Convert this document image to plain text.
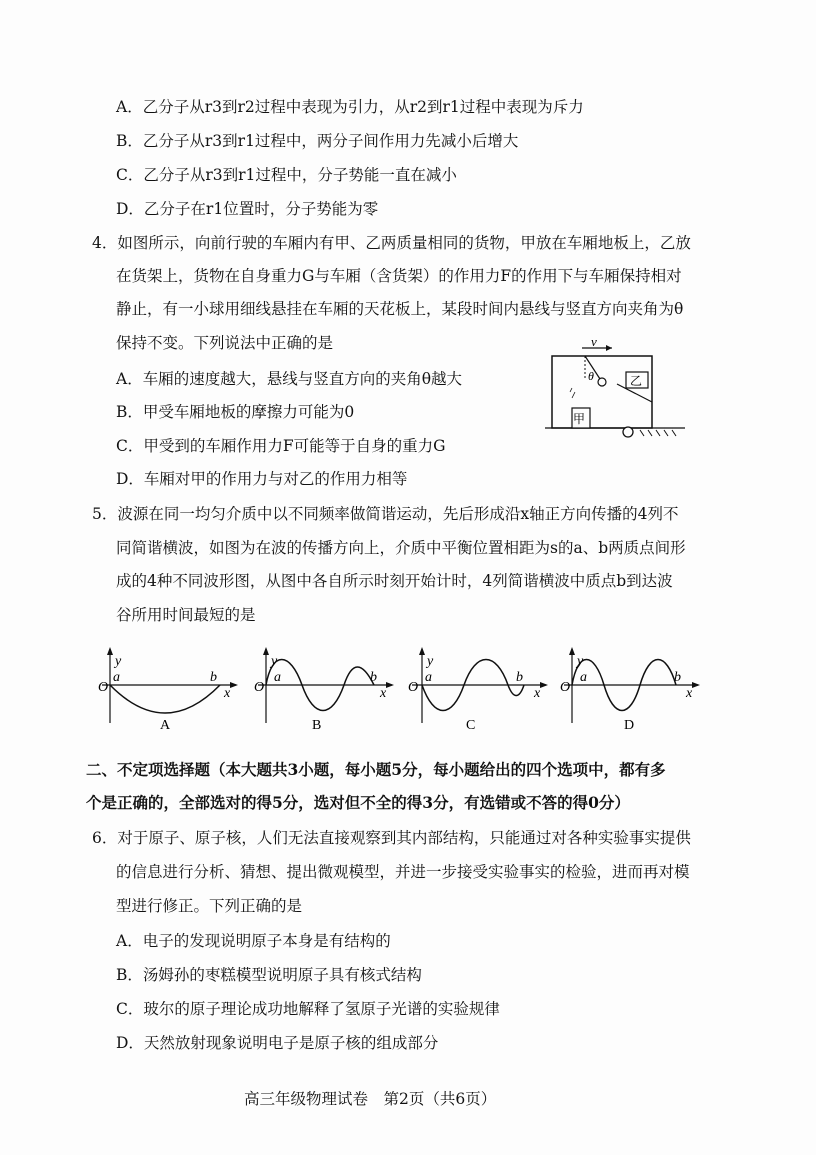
A．乙分子从r3到r2过程中表现为引力，从r2到r1过程中表现为斥力
B．乙分子从r3到r1过程中，两分子间作用力先减小后增大
C．乙分子从r3到r1过程中，分子势能一直在减小
D．乙分子在r1位置时，分子势能为零
4．如图所示，向前行驶的车厢内有甲、乙两质量相同的货物，甲放在车厢地板上，乙放
在货架上，货物在自身重力G与车厢（含货架）的作用力F的作用下与车厢保持相对
静止，有一小球用细线悬挂在车厢的天花板上，某段时间内悬线与竖直方向夹角为θ
保持不变。下列说法中正确的是
A．车厢的速度越大，悬线与竖直方向的夹角θ越大
B．甲受车厢地板的摩擦力可能为0
C．甲受到的车厢作用力F可能等于自身的重力G
D．车厢对甲的作用力与对乙的作用力相等
v
θ	乙
甲
5．波源在同一均匀介质中以不同频率做简谐运动，先后形成沿x轴正方向传播的4列不
同简谐横波，如图为在波的传播方向上，介质中平衡位置相距为s的a、b两质点间形
成的4种不同波形图，从图中各自所示时刻开始计时，4列简谐横波中质点b到达波
谷所用时间最短的是
y
O
a	b
x
A
y
O
a	b
x
B
y
O
a	b
x
C
y
O
a	b
x
D
二、不定项选择题（本大题共3小题，每小题5分，每小题给出的四个选项中，都有多
个是正确的，全部选对的得5分，选对但不全的得3分，有选错或不答的得0分）
6．对于原子、原子核，人们无法直接观察到其内部结构，只能通过对各种实验事实提供
的信息进行分析、猜想、提出微观模型，并进一步接受实验事实的检验，进而再对模
型进行修正。下列正确的是
A．电子的发现说明原子本身是有结构的
B．汤姆孙的枣糕模型说明原子具有核式结构
C．玻尔的原子理论成功地解释了氢原子光谱的实验规律
D．天然放射现象说明电子是原子核的组成部分
高三年级物理试卷　第2页（共6页）
